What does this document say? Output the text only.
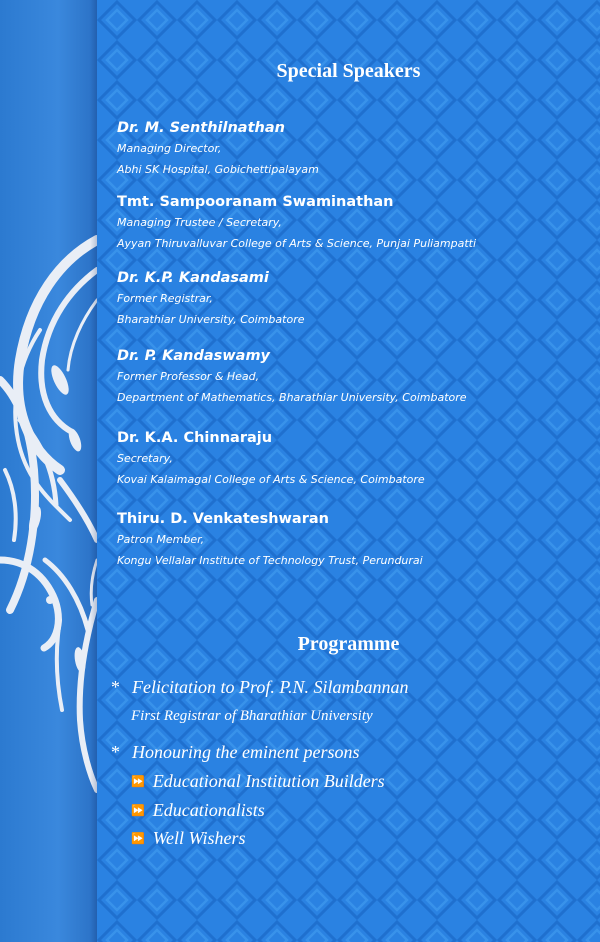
Special Speakers
Dr. M. Senthilnathan
Managing Director,
Abhi SK Hospital, Gobichettipalayam
Tmt. Sampooranam Swaminathan
Managing Trustee / Secretary,
Ayyan Thiruvalluvar College of Arts & Science, Punjai Puliampatti
Dr. K.P. Kandasami
Former Registrar,
Bharathiar University, Coimbatore
Dr. P. Kandaswamy
Former Professor & Head,
Department of Mathematics, Bharathiar University, Coimbatore
Dr. K.A. Chinnaraju
Secretary,
Kovai Kalaimagal College of Arts & Science, Coimbatore
Thiru. D. Venkateshwaran
Patron Member,
Kongu Vellalar Institute of Technology Trust, Perundurai
Programme
* Felicitation to Prof. P.N. Silambannan
First Registrar of Bharathiar University
* Honouring the eminent persons
⏩ Educational Institution Builders
⏩ Educationalists
⏩ Well Wishers
